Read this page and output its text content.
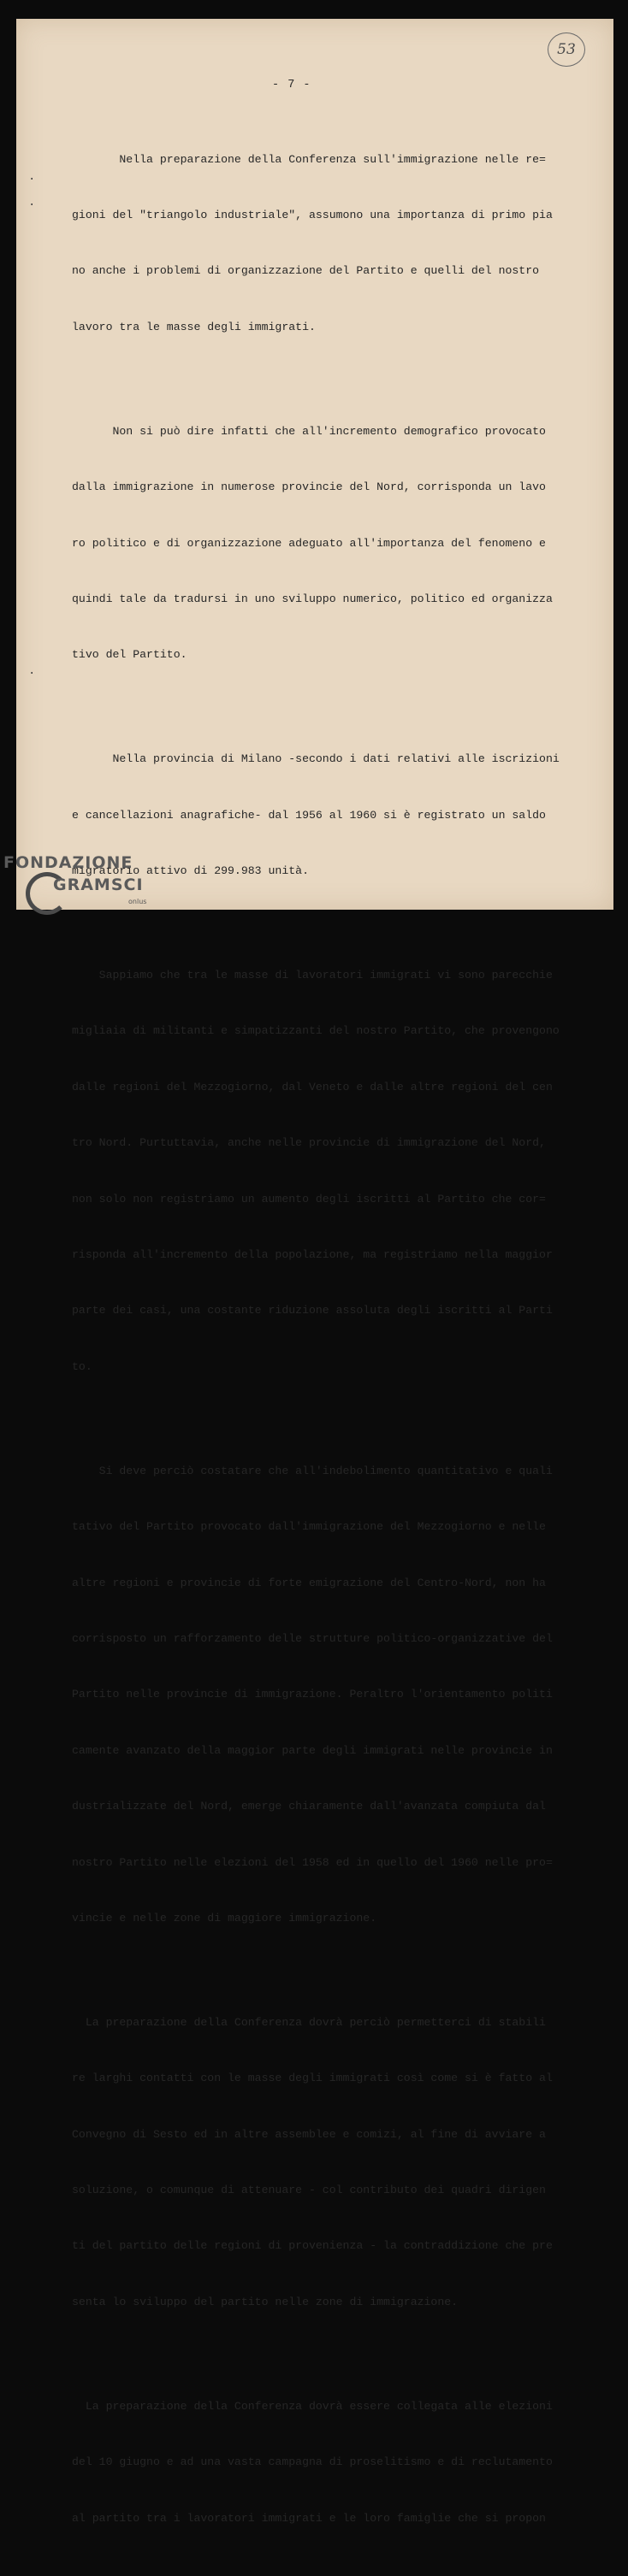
53
- 7 -
·
·
·

Nella preparazione della Conferenza sull'immigrazione nelle re=

gioni del "triangolo industriale", assumono una importanza di primo pia

no anche i problemi di organizzazione del Partito e quelli del nostro

lavoro tra le masse degli immigrati.

Non si può dire infatti che all'incremento demografico provocato

dalla immigrazione in numerose provincie del Nord, corrisponda un lavo

ro politico e di organizzazione adeguato all'importanza del fenomeno e

quindi tale da tradursi in uno sviluppo numerico, politico ed organizza

tivo del Partito.

Nella provincia di Milano -secondo i dati relativi alle iscrizioni

e cancellazioni anagrafiche- dal 1956 al 1960 si è registrato un saldo

migratorio attivo di 299.983 unità.

Sappiamo che tra le masse di lavoratori immigrati vi sono parecchie

migliaia di militanti e simpatizzanti del nostro Partito, che provengono

dalle regioni del Mezzogiorno, dal Veneto e dalle altre regioni del cen

tro Nord. Purtuttavia, anche nelle provincie di immigrazione del Nord,

non solo non registriamo un aumento degli iscritti al Partito che cor=

risponda all'incremento della popolazione, ma registriamo nella maggior

parte dei casi, una costante riduzione assoluta degli iscritti al Parti

to.

Si deve perciò costatare che all'indebolimento quantitativo e quali

tativo del Partito provocato dall'immigrazione del Mezzogiorno e nelle

altre regioni e provincie di forte emigrazione del Centro-Nord, non ha

corrisposto un rafforzamento delle strutture politico-organizzative del

Partito nelle provincie di immigrazione. Peraltro l'orientamento politi

camente avanzato della maggior parte degli immigrati nelle provincie in

dustrializzate del Nord, emerge chiaramente dall'avanzata compiuta dal

nostro Partito nelle elezioni del 1958 ed in quello del 1960 nelle pro=

vincie e nelle zone di maggiore immigrazione.

La preparazione della Conferenza dovrà perciò permetterci di stabili

re larghi contatti con le masse degli immigrati così come si è fatto al

Convegno di Sesto ed in altre assemblee e comizi, al fine di avviare a

soluzione, o comunque di attenuare - col contributo dei quadri dirigen

ti del partito delle regioni di provenienza - la contraddizione che pre

senta lo sviluppo del partito nelle zone di immigrazione.

La preparazione della Conferenza dovrà essere collegata alle elezioni

del 10 giugno e ad una vasta campagna di proselitismo e di reclutamento

al partito tra i lavoratori immigrati e le loro famiglie che si propon

FONDAZIONE
GRAMSCI
onlus
